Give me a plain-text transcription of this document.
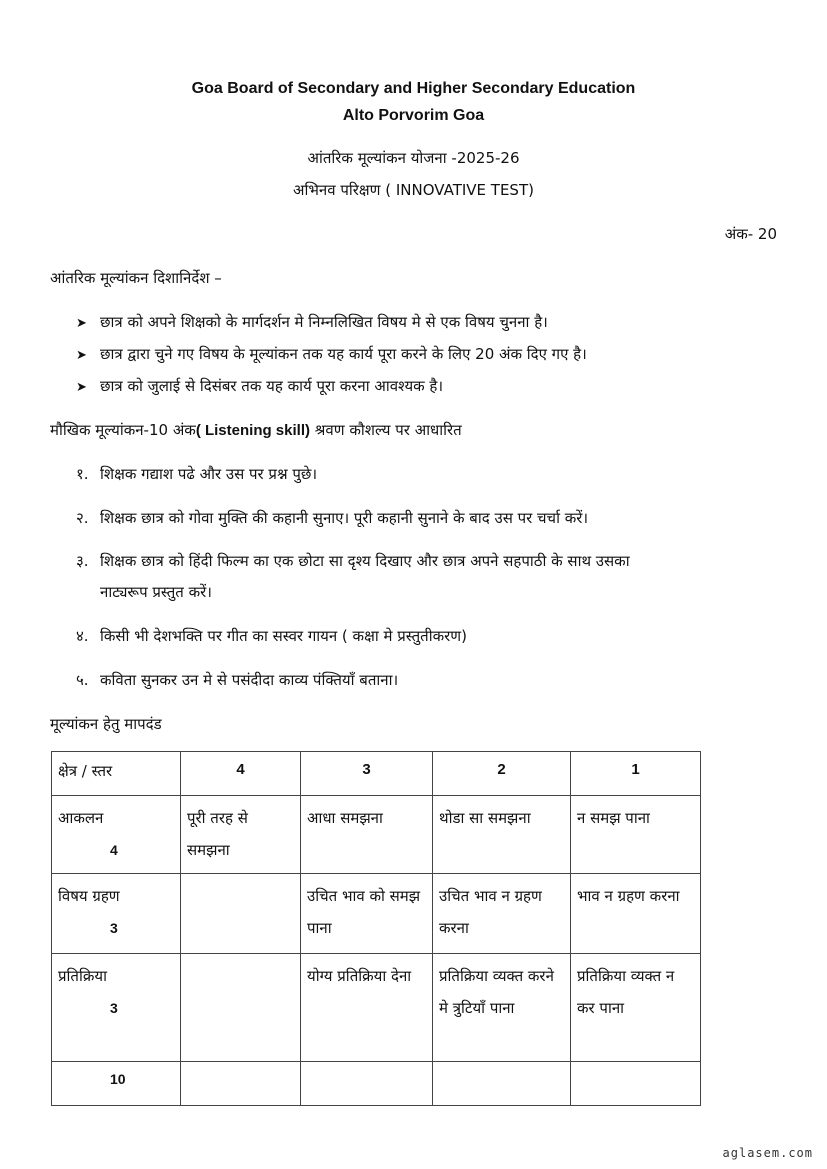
Goa Board of Secondary and Higher Secondary Education
Alto Porvorim Goa
आंतरिक मूल्यांकन योजना -2025-26
अभिनव परिक्षण ( INNOVATIVE TEST)
अंक- 20
आंतरिक मूल्यांकन दिशानिर्देश –
➤ छात्र को अपने शिक्षको के मार्गदर्शन मे निम्नलिखित विषय मे से एक विषय चुनना है।
➤ छात्र द्वारा चुने गए विषय के मूल्यांकन तक यह कार्य पूरा करने के लिए 20 अंक दिए गए है।
➤ छात्र को जुलाई से दिसंबर तक यह कार्य पूरा करना आवश्यक है।
मौखिक मूल्यांकन-10 अंक( Listening skill) श्रवण कौशल्य पर आधारित
१. शिक्षक गद्याश पढे और उस पर प्रश्न पुछे।
२. शिक्षक छात्र को गोवा मुक्ति की कहानी सुनाए। पूरी कहानी सुनाने के बाद उस पर चर्चा करें।
३. शिक्षक छात्र को हिंदी फिल्म का एक छोटा सा दृश्य दिखाए और छात्र अपने सहपाठी के साथ उसका
नाट्यरूप प्रस्तुत करें।
४. किसी भी देशभक्ति पर गीत का सस्वर गायन ( कक्षा मे प्रस्तुतीकरण)
५. कविता सुनकर उन मे से पसंदीदा काव्य पंक्तियाँ बताना।
मूल्यांकन हेतु मापदंड
क्षेत्र / स्तर	4	3	2	1
आकलन
4	पूरी तरह से समझना	आधा समझना	थोडा सा समझना	न समझ पाना
विषय ग्रहण
3		उचित भाव को समझ पाना	उचित भाव न ग्रहण करना	भाव न ग्रहण करना
प्रतिक्रिया
3		योग्य प्रतिक्रिया देना	प्रतिक्रिया व्यक्त करने मे त्रुटियाँ पाना	प्रतिक्रिया व्यक्त न कर पाना

10				

aglasem.com
